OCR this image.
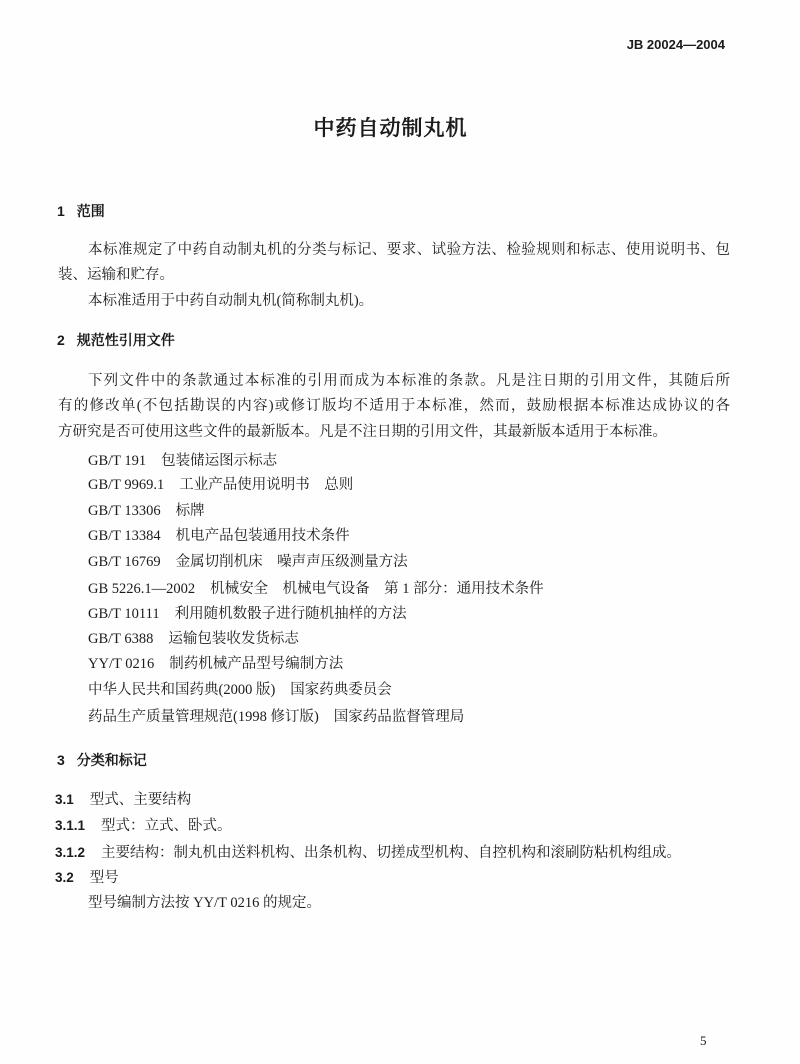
JB 20024—2004
中药自动制丸机
1 范围
本标准规定了中药自动制丸机的分类与标记、要求、试验方法、检验规则和标志、使用说明书、包
装、运输和贮存。
本标准适用于中药自动制丸机(简称制丸机)。
2 规范性引用文件
下列文件中的条款通过本标准的引用而成为本标准的条款。凡是注日期的引用文件，其随后所
有的修改单(不包括勘误的内容)或修订版均不适用于本标准，然而，鼓励根据本标准达成协议的各
方研究是否可使用这些文件的最新版本。凡是不注日期的引用文件，其最新版本适用于本标准。
GB/T 191 包装储运图示标志
GB/T 9969.1 工业产品使用说明书　总则
GB/T 13306 标牌
GB/T 13384 机电产品包装通用技术条件
GB/T 16769 金属切削机床　噪声声压级测量方法
GB 5226.1—2002 机械安全　机械电气设备　第 1 部分：通用技术条件
GB/T 10111 利用随机数骰子进行随机抽样的方法
GB/T 6388 运输包装收发货标志
YY/T 0216 制药机械产品型号编制方法
中华人民共和国药典(2000 版) 国家药典委员会
药品生产质量管理规范(1998 修订版) 国家药品监督管理局
3 分类和标记
3.1 型式、主要结构
3.1.1 型式：立式、卧式。
3.1.2 主要结构：制丸机由送料机构、出条机构、切搓成型机构、自控机构和滚刷防粘机构组成。
3.2 型号
型号编制方法按 YY/T 0216 的规定。
5
